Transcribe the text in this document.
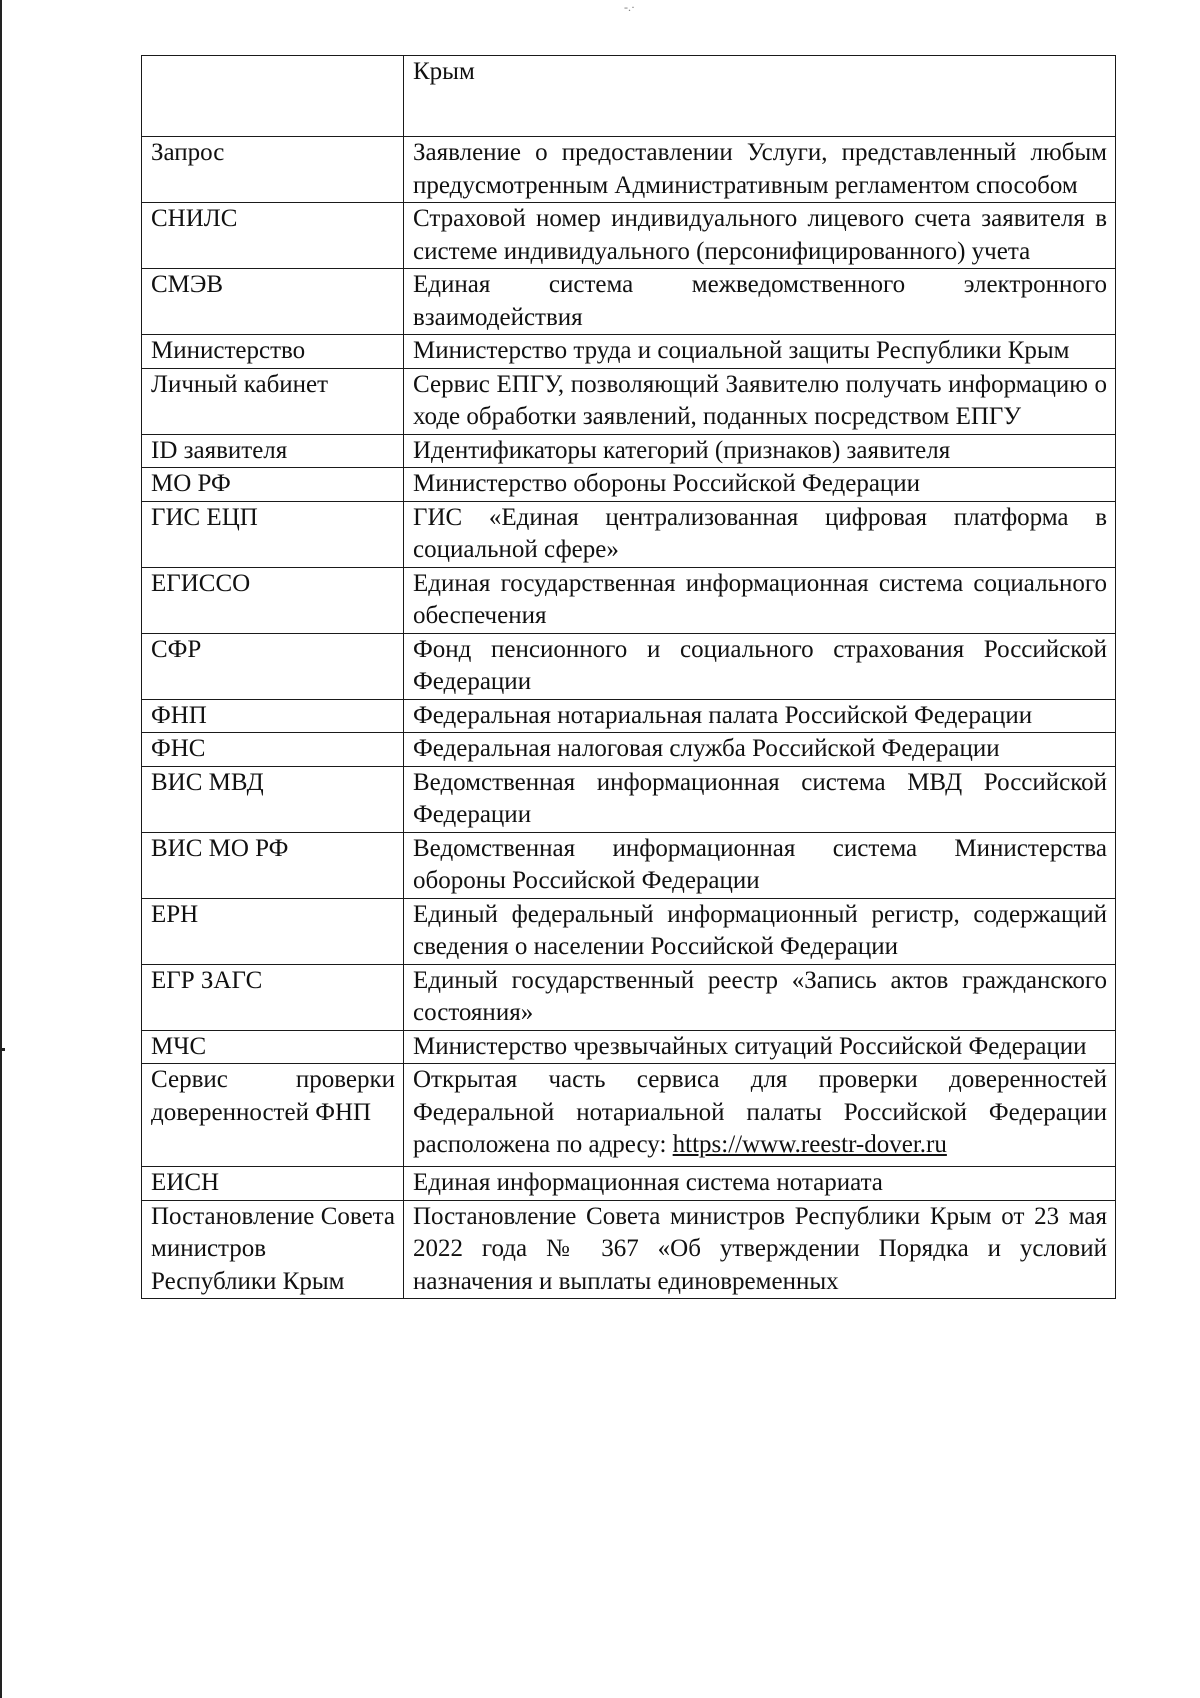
-.·
	Крым
Запрос	Заявление о предоставлении Услуги, представленный любым предусмотренным Административным регламентом способом
СНИЛС	Страховой номер индивидуального лицевого счета заявителя в системе индивидуального (персонифицированного) учета
СМЭВ	Единая система межведомственного электронного взаимодействия
Министерство	Министерство труда и социальной защиты Республики Крым
Личный кабинет	Сервис ЕПГУ, позволяющий Заявителю получать информацию о ходе обработки заявлений, поданных посредством ЕПГУ
ID заявителя	Идентификаторы категорий (признаков) заявителя
МО РФ	Министерство обороны Российской Федерации
ГИС ЕЦП	ГИС «Единая централизованная цифровая платформа в социальной сфере»
ЕГИССО	Единая государственная информационная система социального обеспечения
СФР	Фонд пенсионного и социального страхования Российской Федерации
ФНП	Федеральная нотариальная палата Российской Федерации
ФНС	Федеральная налоговая служба Российской Федерации
ВИС МВД	Ведомственная информационная система МВД Российской Федерации
ВИС МО РФ	Ведомственная информационная система Министерства обороны Российской Федерации
ЕРН	Единый федеральный информационный регистр, содержащий сведения о населении Российской Федерации
ЕГР ЗАГС	Единый государственный реестр «Запись актов гражданского состояния»
МЧС	Министерство чрезвычайных ситуаций Российской Федерации
Сервис проверки доверенностей ФНП	Открытая часть сервиса для проверки доверенностей Федеральной нотариальной палаты Российской Федерации расположена по адресу: https://www.reestr-dover.ru
ЕИСН	Единая информационная система нотариата
Постановление Совета министров Республики Крым	Постановление Совета министров Республики Крым от 23 мая 2022 года № 367 «Об утверждении Порядка и условий назначения и выплаты единовременных
